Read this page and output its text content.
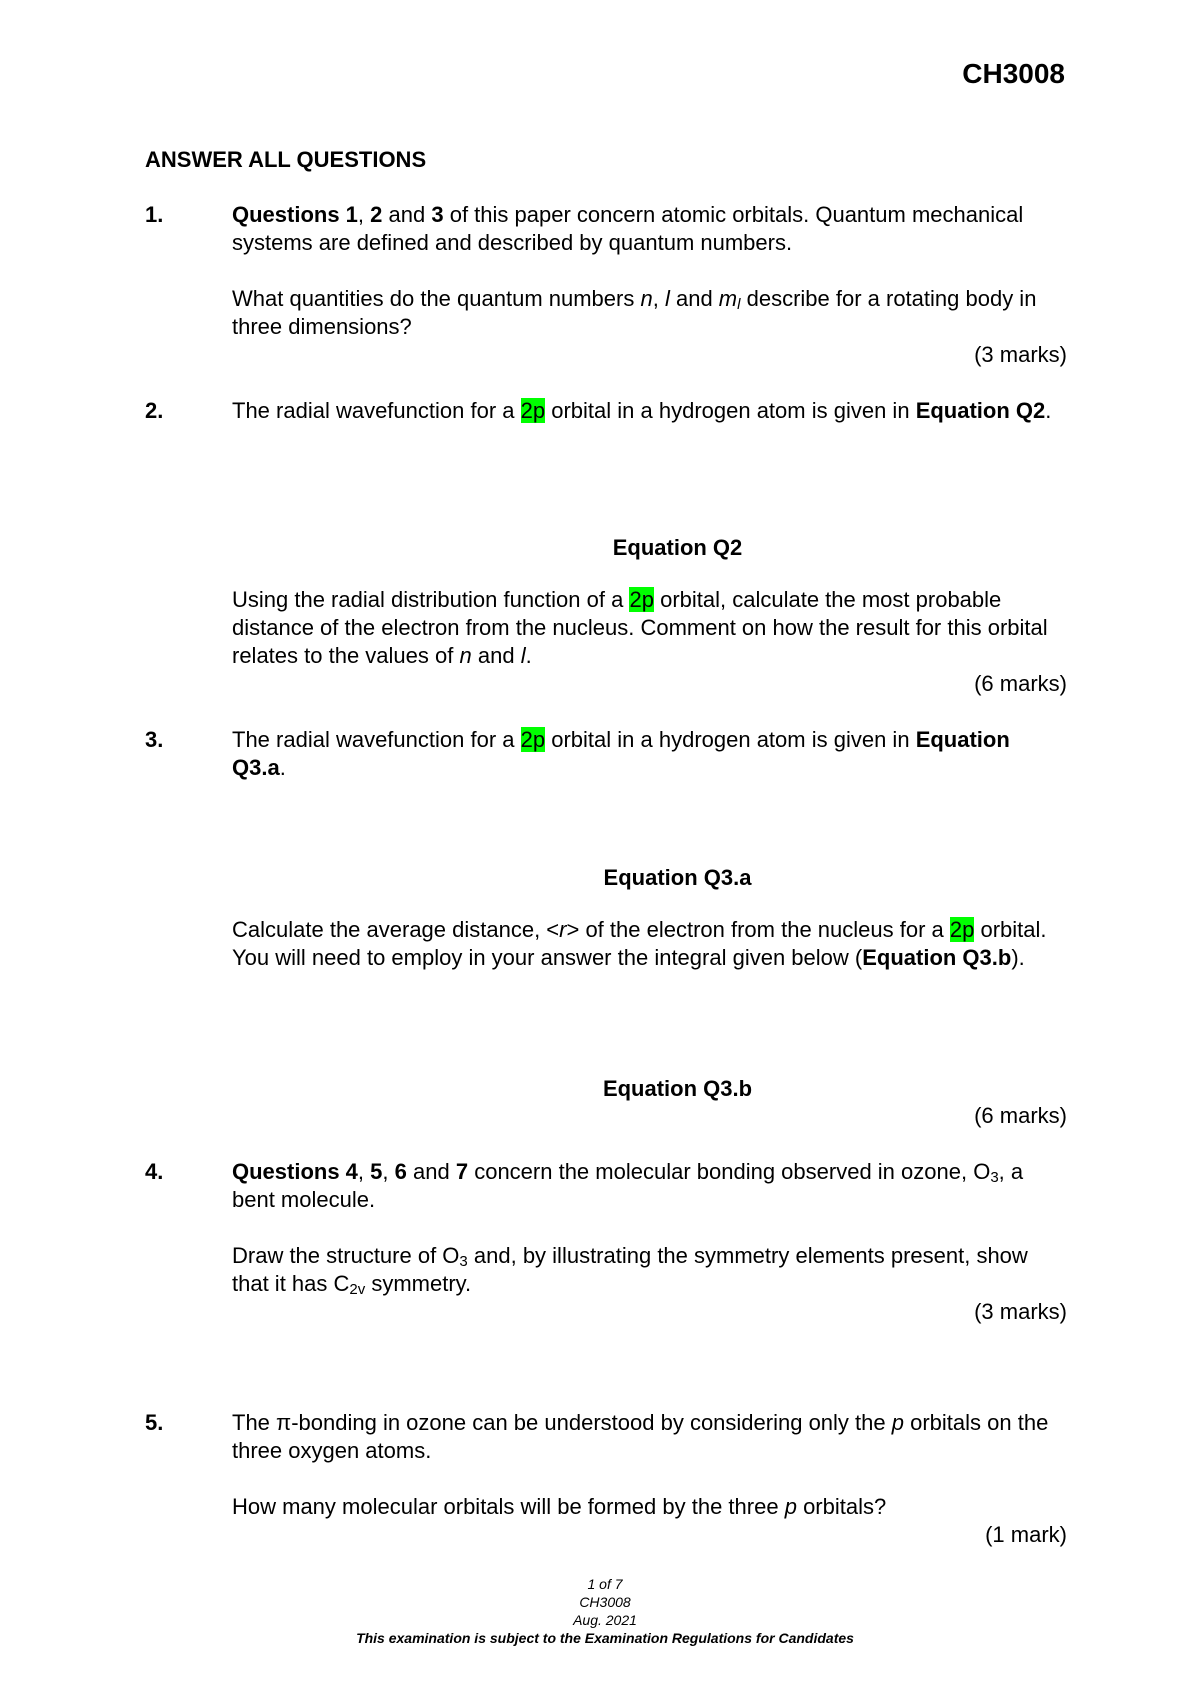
CH3008
ANSWER ALL QUESTIONS
1.	Questions 1, 2 and 3 of this paper concern atomic orbitals. Quantum mechanical systems are defined and described by quantum numbers.

What quantities do the quantum numbers n, l and $m_l$ describe for a rotating body in three dimensions?

(3 marks)
2.	The radial wavefunction for a 2p orbital in a hydrogen atom is given in Equation Q2.

Equation Q2

Using the radial distribution function of a 2p orbital, calculate the most probable distance of the electron from the nucleus. Comment on how the result for this orbital relates to the values of n and l.

(6 marks)
3.	The radial wavefunction for a 2p orbital in a hydrogen atom is given in Equation Q3.a.

Equation Q3.a

Calculate the average distance, <r> of the electron from the nucleus for a 2p orbital. You will need to employ in your answer the integral given below (Equation Q3.b).

Equation Q3.b
(6 marks)
4.	Questions 4, 5, 6 and 7 concern the molecular bonding observed in ozone, $O_3$, a bent molecule.

Draw the structure of $O_3$ and, by illustrating the symmetry elements present, show that it has $C_{2v}$ symmetry.

(3 marks)
5.	The π-bonding in ozone can be understood by considering only the p orbitals on the three oxygen atoms.

How many molecular orbitals will be formed by the three p orbitals?

(1 mark)
1 of 7
CH3008
Aug. 2021
This examination is subject to the Examination Regulations for Candidates
